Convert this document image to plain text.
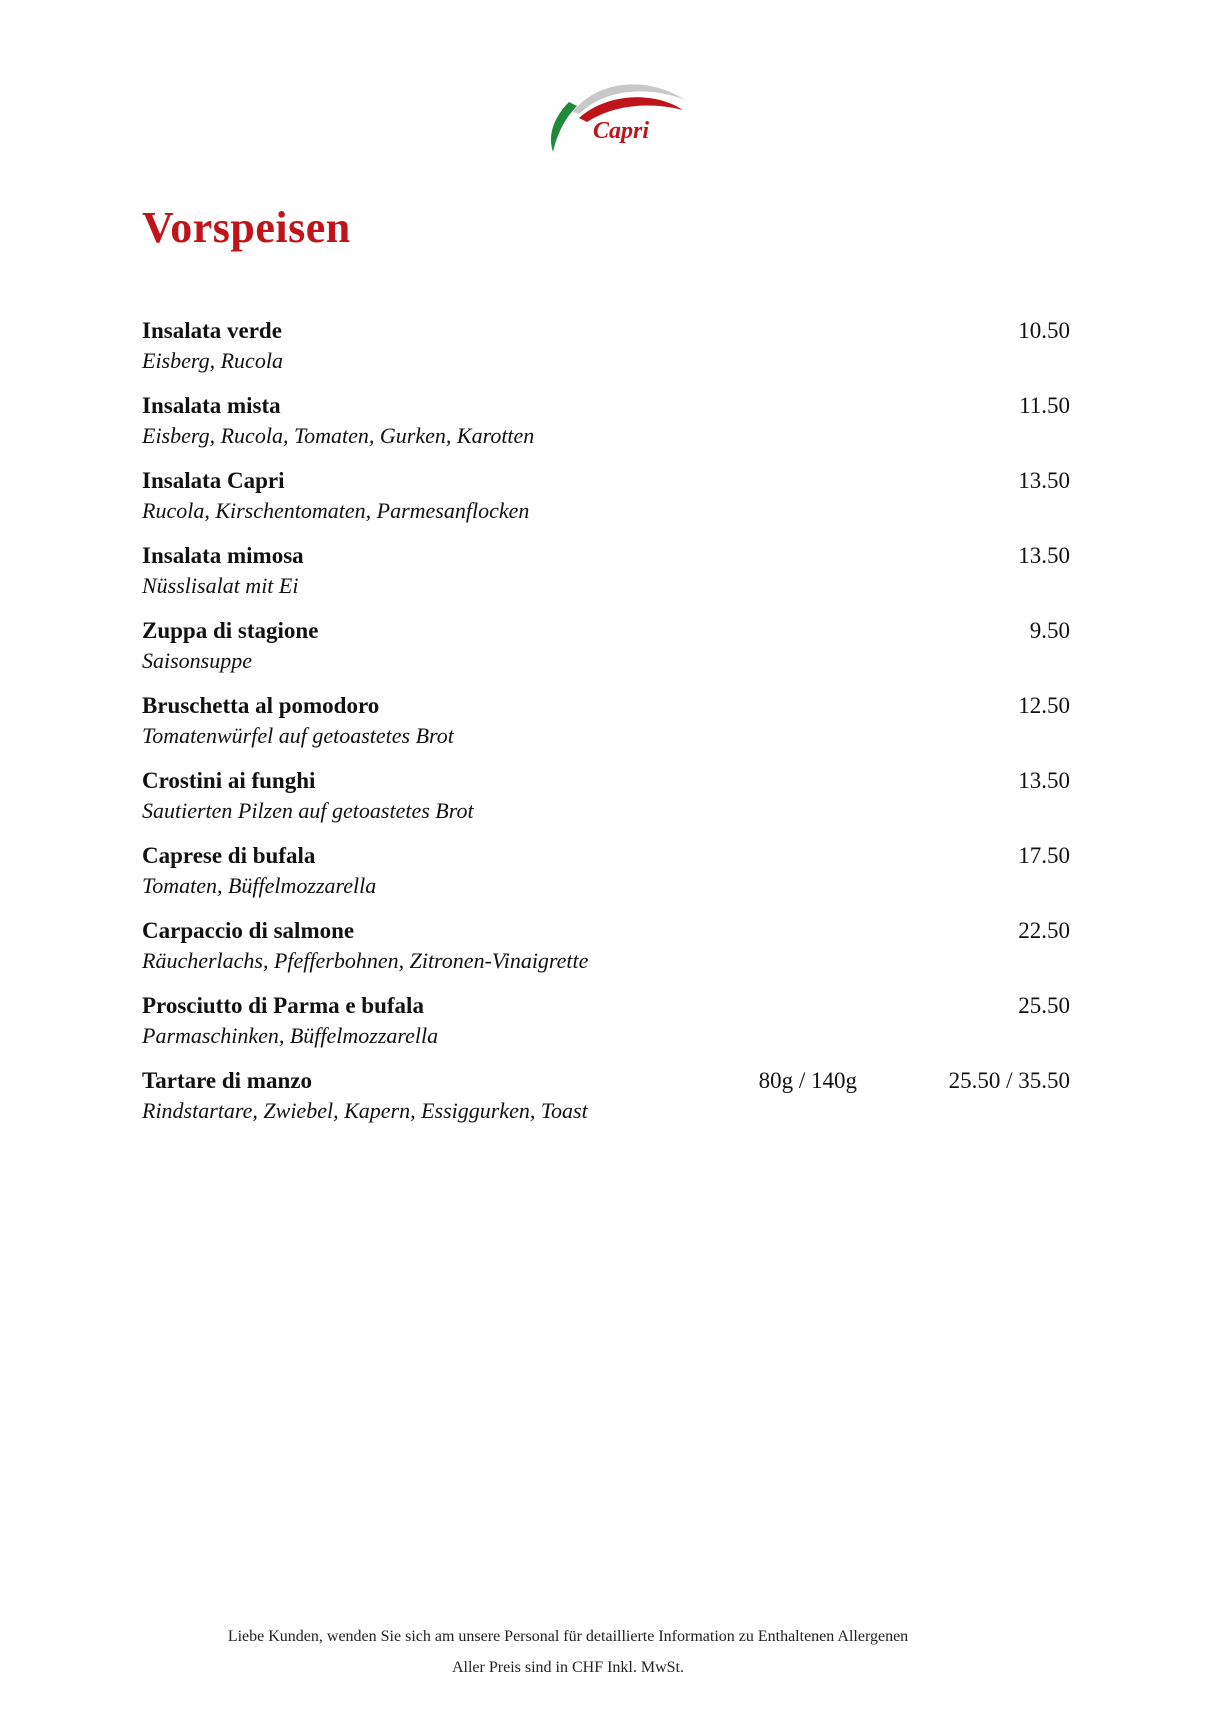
Capri
Vorspeisen
Insalata verde
Eisberg, Rucola
10.50
Insalata mista
Eisberg, Rucola, Tomaten, Gurken, Karotten
11.50
Insalata Capri
Rucola, Kirschentomaten, Parmesanflocken
13.50
Insalata mimosa
Nüsslisalat mit Ei
13.50
Zuppa di stagione
Saisonsuppe
9.50
Bruschetta al pomodoro
Tomatenwürfel auf getoastetes Brot
12.50
Crostini ai funghi
Sautierten Pilzen auf getoastetes Brot
13.50
Caprese di bufala
Tomaten, Büffelmozzarella
17.50
Carpaccio di salmone
Räucherlachs, Pfefferbohnen, Zitronen-Vinaigrette
22.50
Prosciutto di Parma e bufala
Parmaschinken, Büffelmozzarella
25.50
Tartare di manzo
Rindstartare, Zwiebel, Kapern, Essiggurken, Toast
80g / 140g	25.50 / 35.50
Liebe Kunden, wenden Sie sich am unsere Personal für detaillierte Information zu Enthaltenen Allergenen
Aller Preis sind in CHF Inkl. MwSt.
